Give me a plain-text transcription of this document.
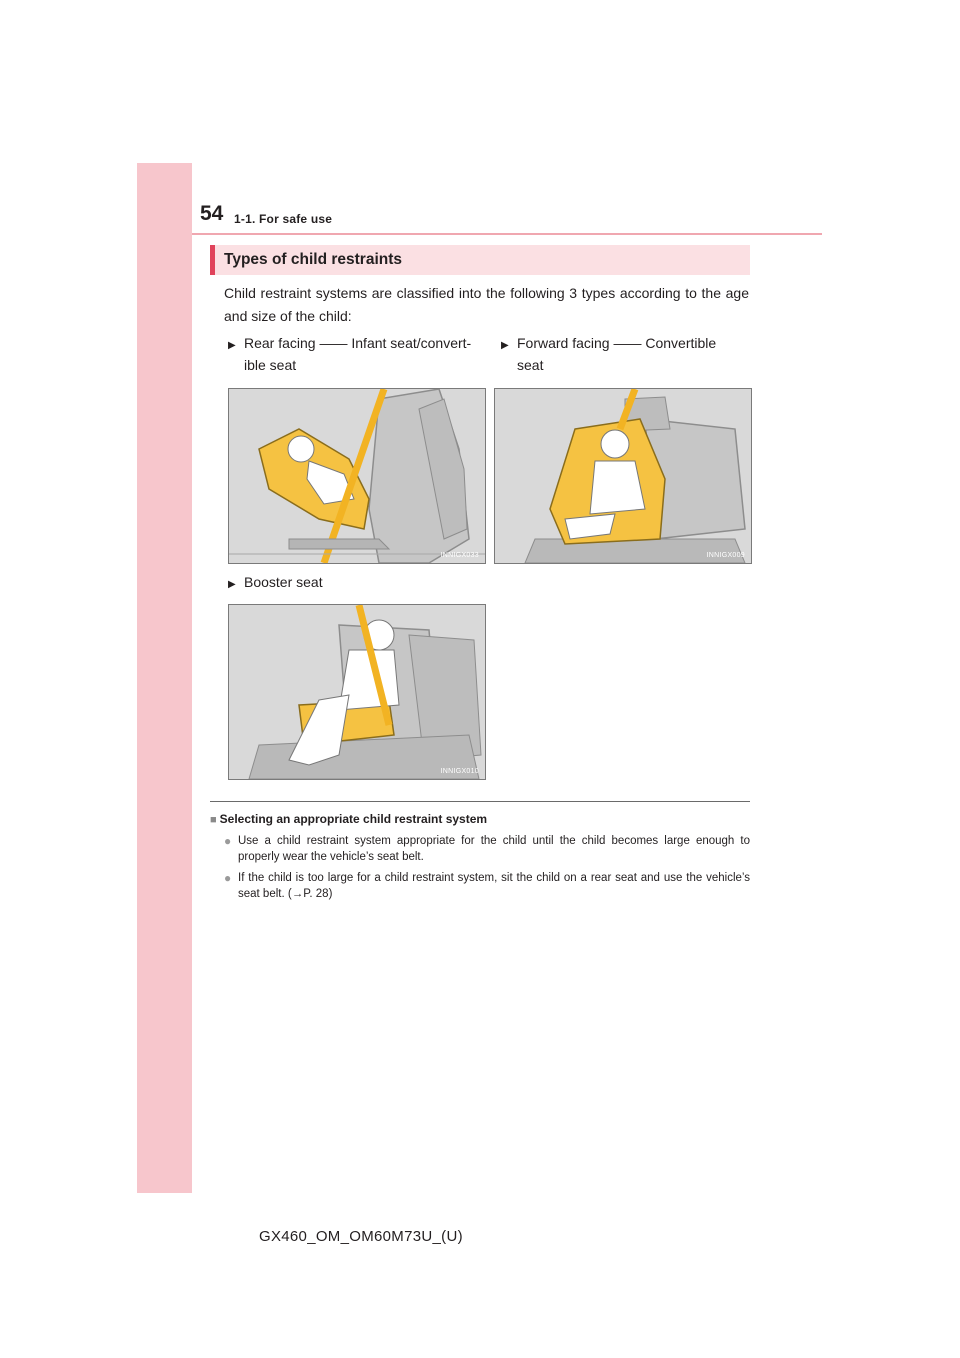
54 1-1. For safe use
Types of child restraints
Child restraint systems are classified into the following 3 types according to the age and size of the child:
▶ Rear facing —— Infant seat/convert-
ible seat
▶ Forward facing —— Convertible
seat
INNIGX033	INNIGX009
▶ Booster seat
INNIGX010
■ Selecting an appropriate child restraint system
● Use a child restraint system appropriate for the child until the child becomes large enough to properly wear the vehicle’s seat belt.
● If the child is too large for a child restraint system, sit the child on a rear seat and use the vehicle’s seat belt. (→P. 28)
GX460_OM_OM60M73U_(U)
